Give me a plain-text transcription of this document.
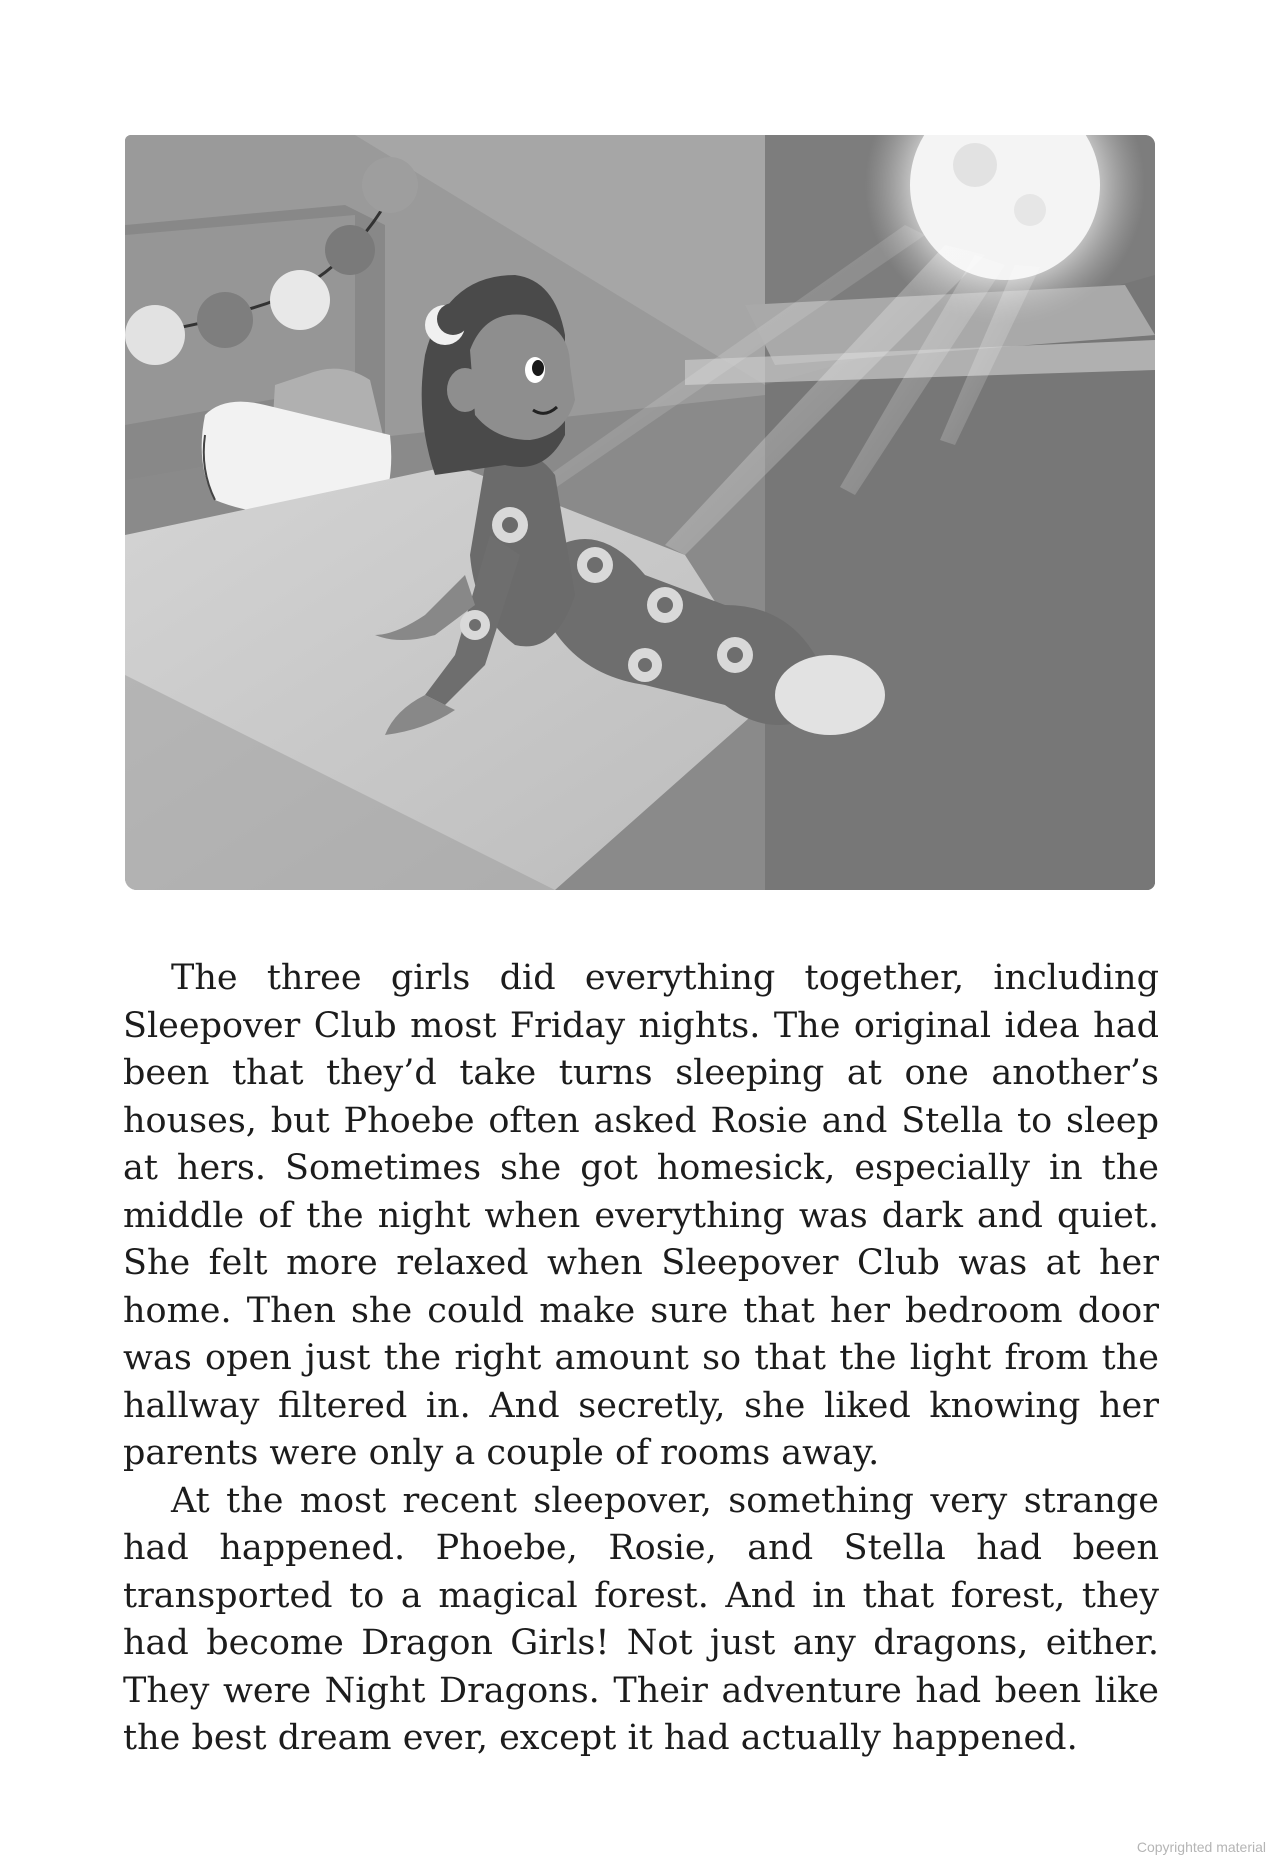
The three girls did everything together, including Sleepover Club most Friday nights. The original idea had been that they’d take turns sleeping at one another’s houses, but Phoebe often asked Rosie and Stella to sleep at hers. Sometimes she got homesick, especially in the middle of the night when everything was dark and quiet. She felt more relaxed when Sleepover Club was at her home. Then she could make sure that her bedroom door was open just the right amount so that the light from the hallway filtered in. And secretly, she liked knowing her parents were only a couple of rooms away.

At the most recent sleepover, something very strange had happened. Phoebe, Rosie, and Stella had been transported to a magical forest. And in that forest, they had become Dragon Girls! Not just any dragons, either. They were Night Dragons. Their adventure had been like the best dream ever, except it had actually happened.

Copyrighted material
